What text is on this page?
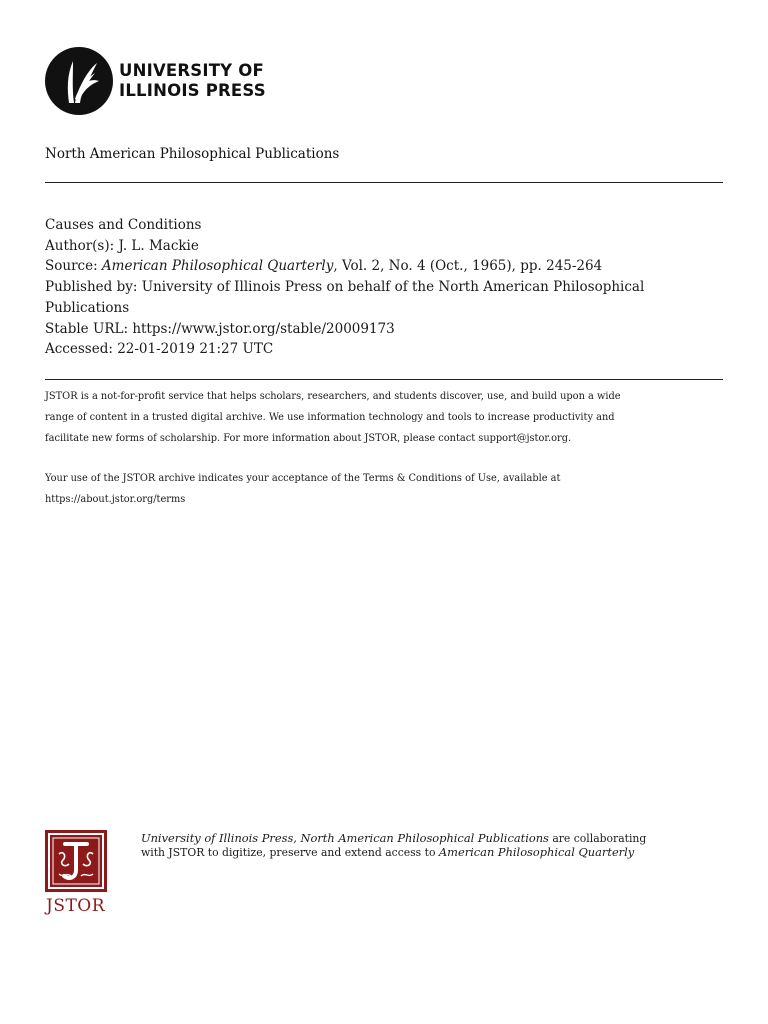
UNIVERSITY OF
ILLINOIS PRESS
North American Philosophical Publications
Causes and Conditions
Author(s): J. L. Mackie
Source: American Philosophical Quarterly, Vol. 2, No. 4 (Oct., 1965), pp. 245-264
Published by: University of Illinois Press on behalf of the North American Philosophical
Publications
Stable URL: https://www.jstor.org/stable/20009173
Accessed: 22-01-2019 21:27 UTC
JSTOR is a not-for-profit service that helps scholars, researchers, and students discover, use, and build upon a wide
range of content in a trusted digital archive. We use information technology and tools to increase productivity and
facilitate new forms of scholarship. For more information about JSTOR, please contact support@jstor.org.
Your use of the JSTOR archive indicates your acceptance of the Terms & Conditions of Use, available at
https://about.jstor.org/terms
JSTOR
University of Illinois Press, North American Philosophical Publications are collaborating
with JSTOR to digitize, preserve and extend access to American Philosophical Quarterly
